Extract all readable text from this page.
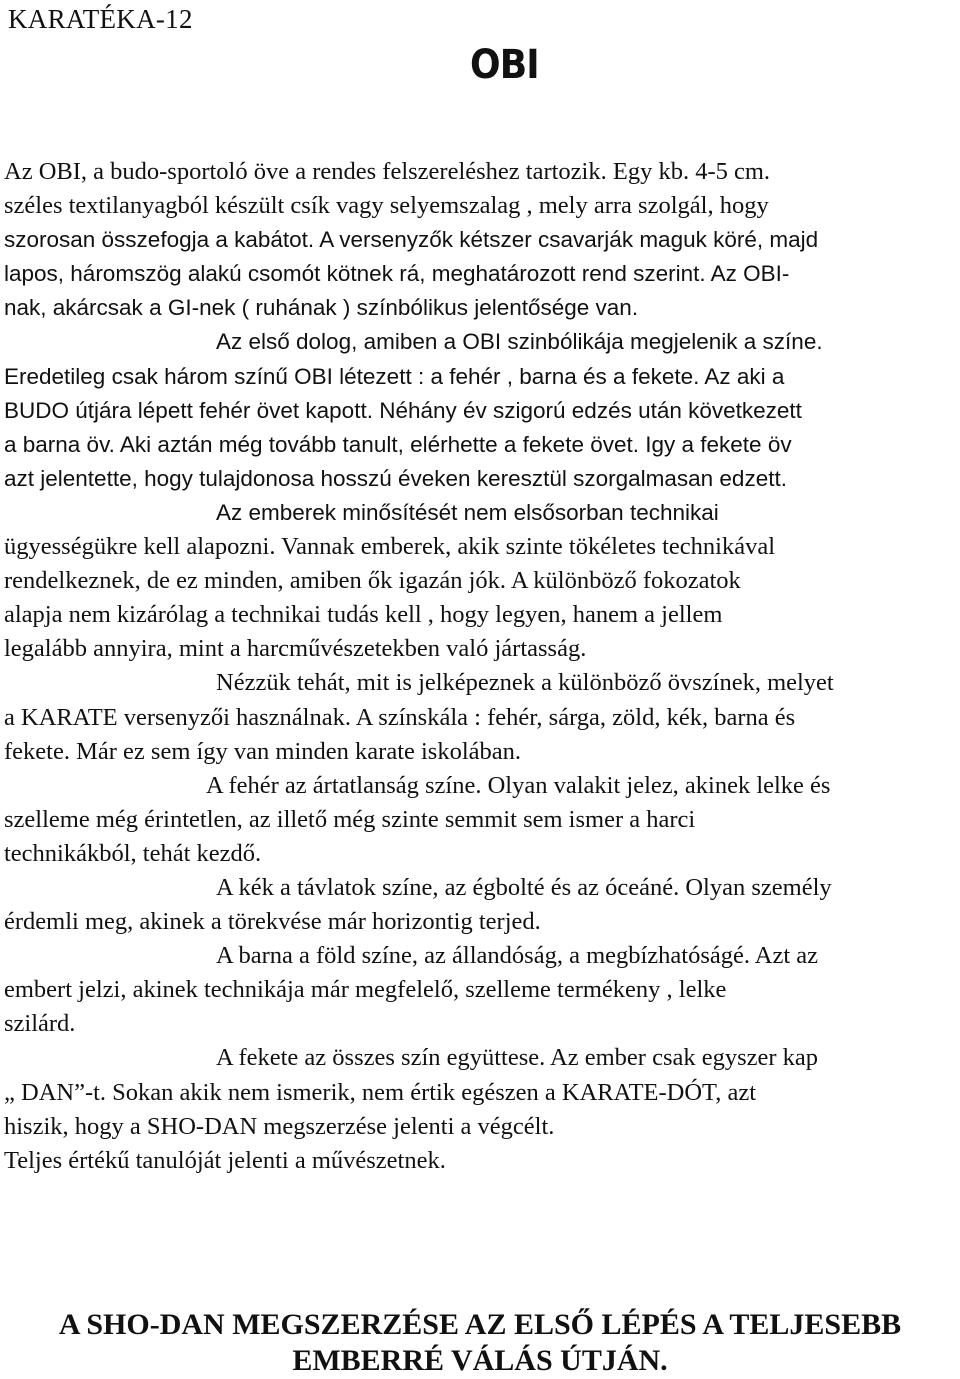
KARATÉKA-12
OBI
Az OBI, a budo-sportoló öve a rendes felszereléshez tartozik. Egy kb. 4-5 cm.
széles textilanyagból készült csík vagy selyemszalag , mely arra szolgál, hogy
szorosan összefogja a kabátot. A versenyzők kétszer csavarják maguk köré, majd
lapos, háromszög alakú csomót kötnek rá, meghatározott rend szerint. Az OBI-
nak, akárcsak a GI-nek ( ruhának ) színbólikus jelentősége van.
Az első dolog, amiben a OBI szinbólikája megjelenik a színe.
Eredetileg csak három színű OBI létezett : a fehér , barna és a fekete. Az aki a
BUDO útjára lépett fehér övet kapott. Néhány év szigorú edzés után következett
a barna öv. Aki aztán még tovább tanult, elérhette a fekete övet. Igy a fekete öv
azt jelentette, hogy tulajdonosa hosszú éveken keresztül szorgalmasan edzett.
Az emberek minősítését nem elsősorban technikai
ügyességükre kell alapozni. Vannak emberek, akik szinte tökéletes technikával
rendelkeznek, de ez minden, amiben ők igazán jók. A különböző fokozatok
alapja nem kizárólag a technikai tudás kell , hogy legyen, hanem a jellem
legalább annyira, mint a harcművészetekben való jártasság.
Nézzük tehát, mit is jelképeznek a különböző övszínek, melyet
a KARATE versenyzői használnak. A színskála : fehér, sárga, zöld, kék, barna és
fekete. Már ez sem így van minden karate iskolában.
A fehér az ártatlanság színe. Olyan valakit jelez, akinek lelke és
szelleme még érintetlen, az illető még szinte semmit sem ismer a harci
technikákból, tehát kezdő.
A kék a távlatok színe, az égbolté és az óceáné. Olyan személy
érdemli meg, akinek a törekvése már horizontig terjed.
A barna a föld színe, az állandóság, a megbízhatóságé. Azt az
embert jelzi, akinek technikája már megfelelő, szelleme termékeny , lelke
szilárd.
A fekete az összes szín együttese. Az ember csak egyszer kap
„ DAN”-t. Sokan akik nem ismerik, nem értik egészen a KARATE-DÓT, azt
hiszik, hogy a SHO-DAN megszerzése jelenti a végcélt.
Teljes értékű tanulóját jelenti a művészetnek.
A SHO-DAN MEGSZERZÉSE AZ ELSŐ LÉPÉS A TELJESEBB
EMBERRÉ VÁLÁS ÚTJÁN.
